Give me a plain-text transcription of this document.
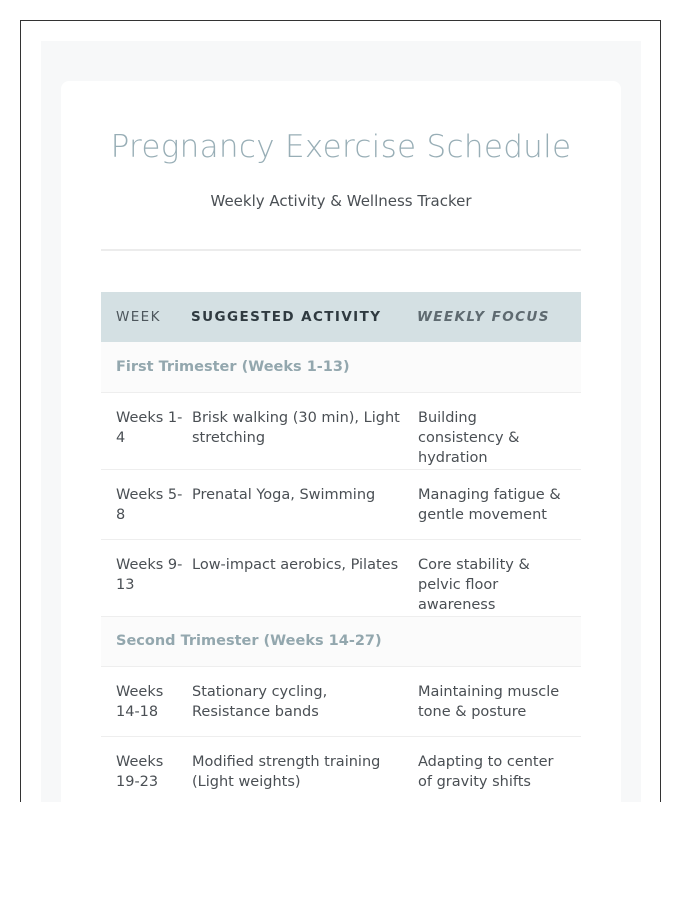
Pregnancy Exercise Schedule
Weekly Activity & Wellness Tracker
WEEK	SUGGESTED ACTIVITY	WEEKLY FOCUS
First Trimester (Weeks 1-13)		
Weeks 1-4	Brisk walking (30 min), Light stretching	Building consistency & hydration
Weeks 5-8	Prenatal Yoga, Swimming	Managing fatigue & gentle movement
Weeks 9-13	Low-impact aerobics, Pilates	Core stability & pelvic floor awareness
Second Trimester (Weeks 14-27)		
Weeks 14-18	Stationary cycling, Resistance bands	Maintaining muscle tone & posture
Weeks 19-23	Modified strength training (Light weights)	Adapting to center of gravity shifts
